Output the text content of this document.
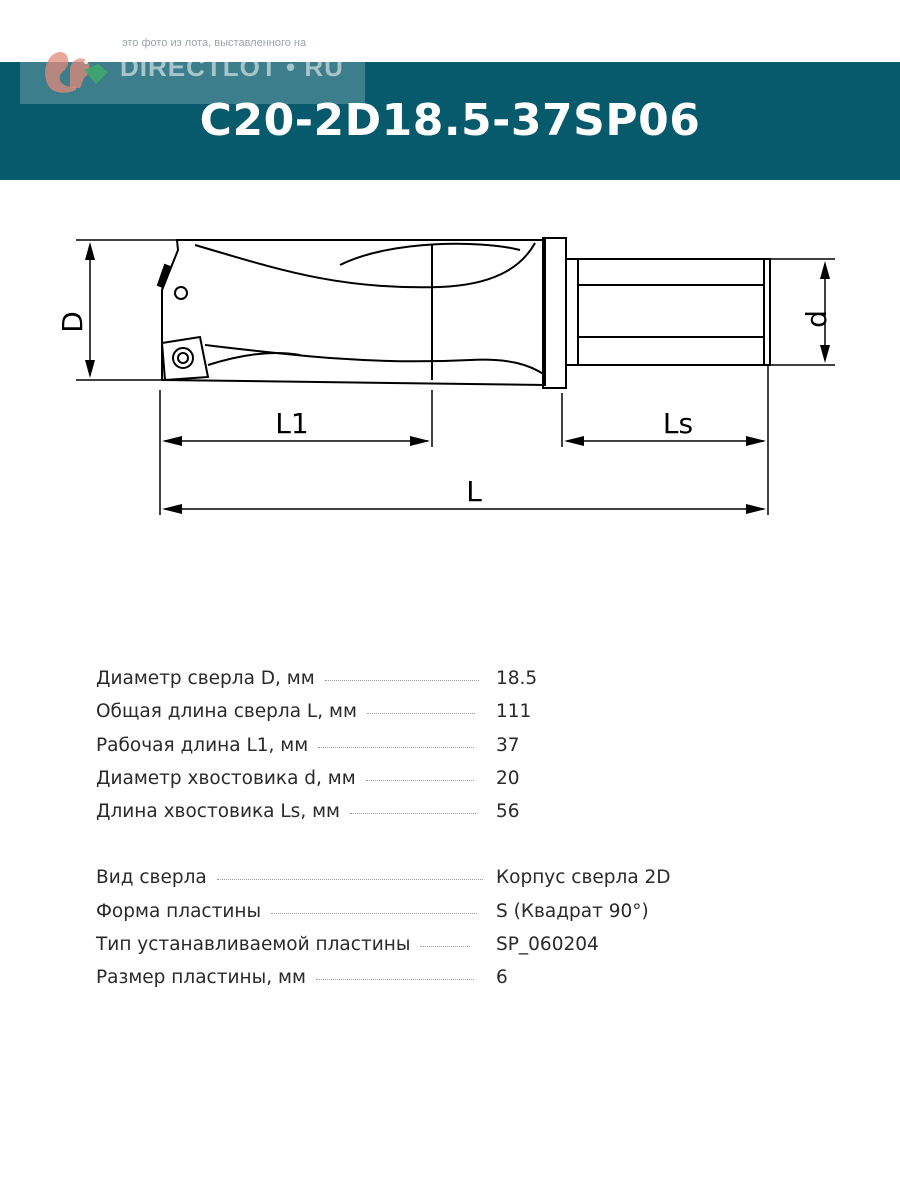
C20-2D18.5-37SP06
это фото из лота, выставленного на
DIRECTLOT • RU
D	d
L1	Ls
L
Диаметр сверла D, мм	18.5
Общая длина сверла L, мм	111
Рабочая длина L1, мм	37
Диаметр хвостовика d, мм	20
Длина хвостовика Ls, мм	56
Вид сверла	Корпус сверла 2D
Форма пластины	S (Квадрат 90°)
Тип устанавливаемой пластины	SP_060204
Размер пластины, мм	6
